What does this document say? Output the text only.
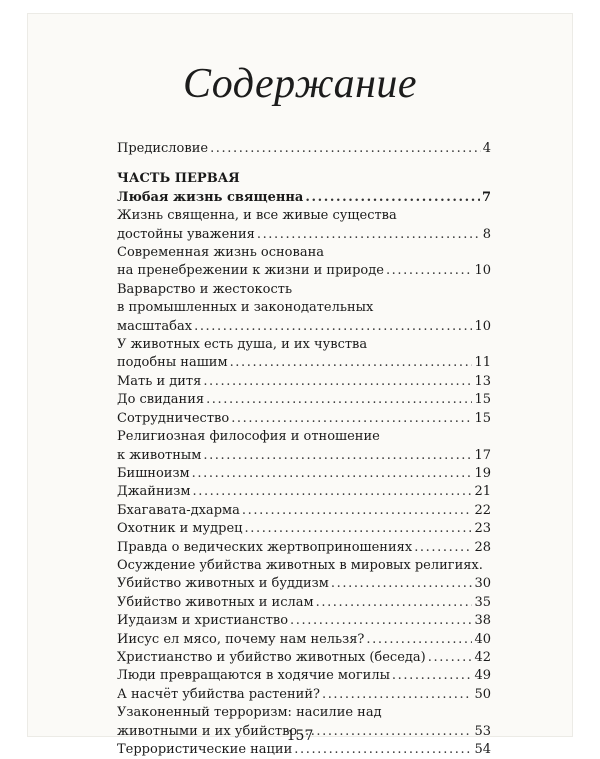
Содержание
Предисловие .....	4
ЧАСТЬ ПЕРВАЯ
Любая жизнь священна .....	7
Жизнь священна, и все живые существа
достойны уважения .....	8
Современная жизнь основана
на пренебрежении к жизни и природе .....	10
Варварство и жестокость
в промышленных и законодательных
масштабах .....	10
У животных есть душа, и их чувства
подобны нашим .....	11
Мать и дитя .....	13
До свидания .....	15
Сотрудничество .....	15
Религиозная философия и отношение
к животным .....	17
Бишноизм .....	19
Джайнизм .....	21
Бхагавата-дхарма .....	22
Охотник и мудрец .....	23
Правда о ведических жертвоприношениях .....	28
Осуждение убийства животных в мировых религиях.
Убийство животных и буддизм .....	30
Убийство животных и ислам .....	35
Иудаизм и христианство .....	38
Иисус ел мясо, почему нам нельзя? .....	40
Христианство и убийство животных (беседа) .....	42
Люди превращаются в ходячие могилы .....	49
А насчёт убийства растений? .....	50
Узаконенный терроризм: насилие над
животными и их убийство .....	53
Террористические нации .....	54
157
